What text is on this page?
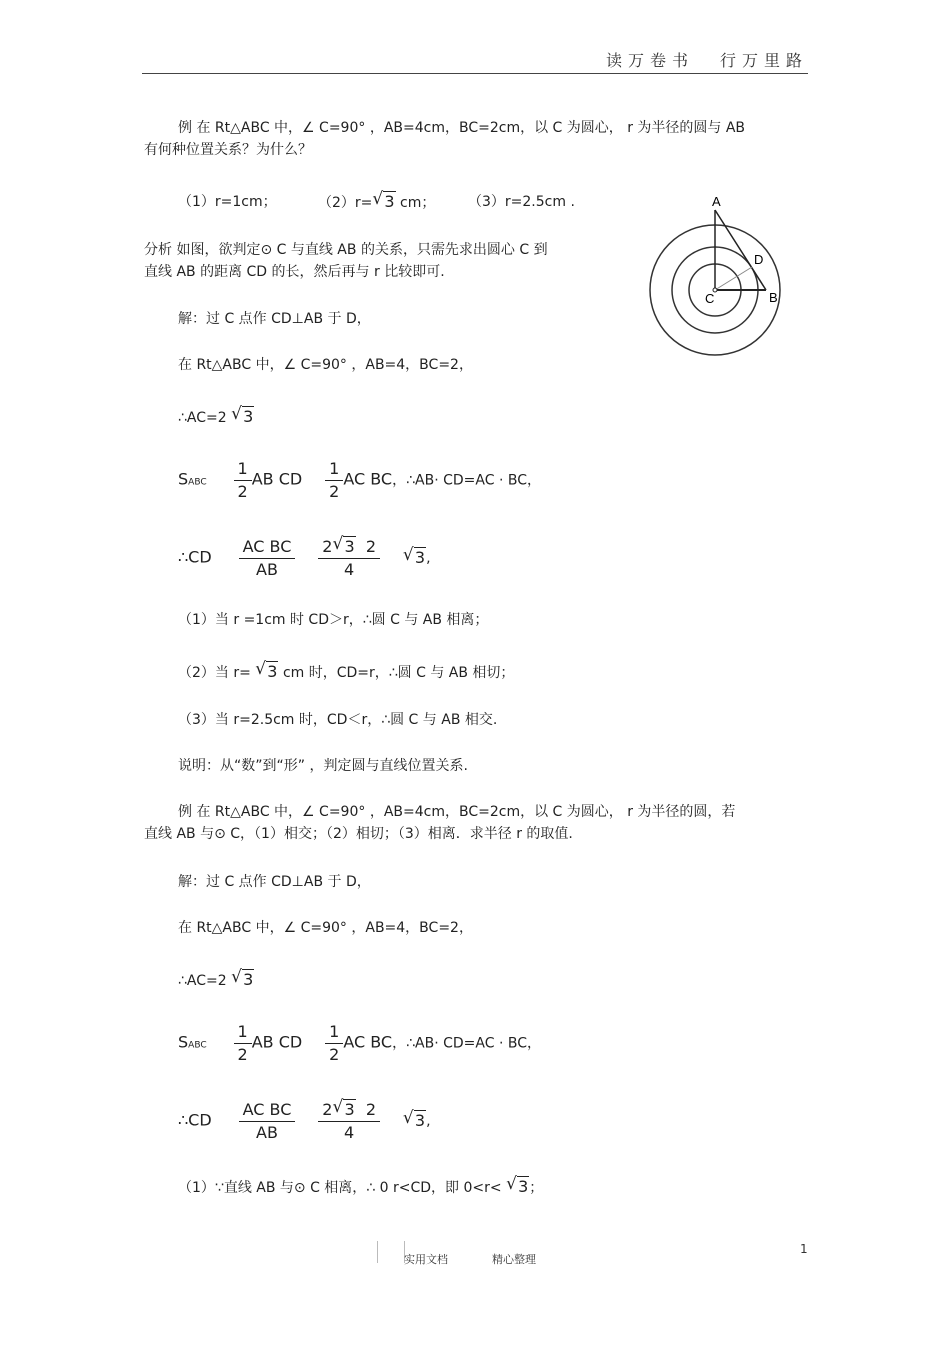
读万卷书 行万里路
例 在 Rt△ABC 中，∠ C=90° ，AB=4cm，BC=2cm，以 C 为圆心， r 为半径的圆与 AB
有何种位置关系？为什么？
（1）r=1cm；	（2）r= √ 3 cm； （3）r=2.5cm .
分析 如图，欲判定⊙ C 与直线 AB 的关系，只需先求出圆心 C 到
直线 AB 的距离 CD 的长，然后再与 r 比较即可.
A
D
C	B
解：过 C 点作 CD⊥AB 于 D，
在 Rt△ABC 中，∠ C=90° ，AB=4，BC=2，
∴AC=2 √ 3
SABC $\frac{1}{2}$ AB CD $\frac{1}{2}$ AC BC，∴AB· CD=AC · BC，
∴CD $\frac{\text{AC BC}}{AB}$
$\frac{2 √ 3 2}{4}$
√ 3,
（1）当 r =1cm 时 CD＞r，∴圆 C 与 AB 相离；
（2）当 r= √ 3 cm 时，CD=r，∴圆 C 与 AB 相切；
（3）当 r=2.5cm 时，CD＜r，∴圆 C 与 AB 相交.
说明：从“数”到“形” ，判定圆与直线位置关系.
例 在 Rt△ABC 中，∠ C=90° ，AB=4cm，BC=2cm，以 C 为圆心， r 为半径的圆，若
直线 AB 与⊙ C，（1）相交；（2）相切；（3）相离．求半径 r 的取值.
解：过 C 点作 CD⊥AB 于 D，
在 Rt△ABC 中，∠ C=90° ，AB=4，BC=2，
∴AC=2 √ 3
SABC $\frac{1}{2}$ AB CD $\frac{1}{2}$ AC BC，∴AB· CD=AC · BC，
∴CD $\frac{\text{AC BC}}{AB}$
$\frac{2 √ 3 2}{4}$
√ 3,
（1）∵直线 AB 与⊙ C 相离，∴ 0 r<CD，即 0<r< √ 3；
实用文档	精心整理
1
